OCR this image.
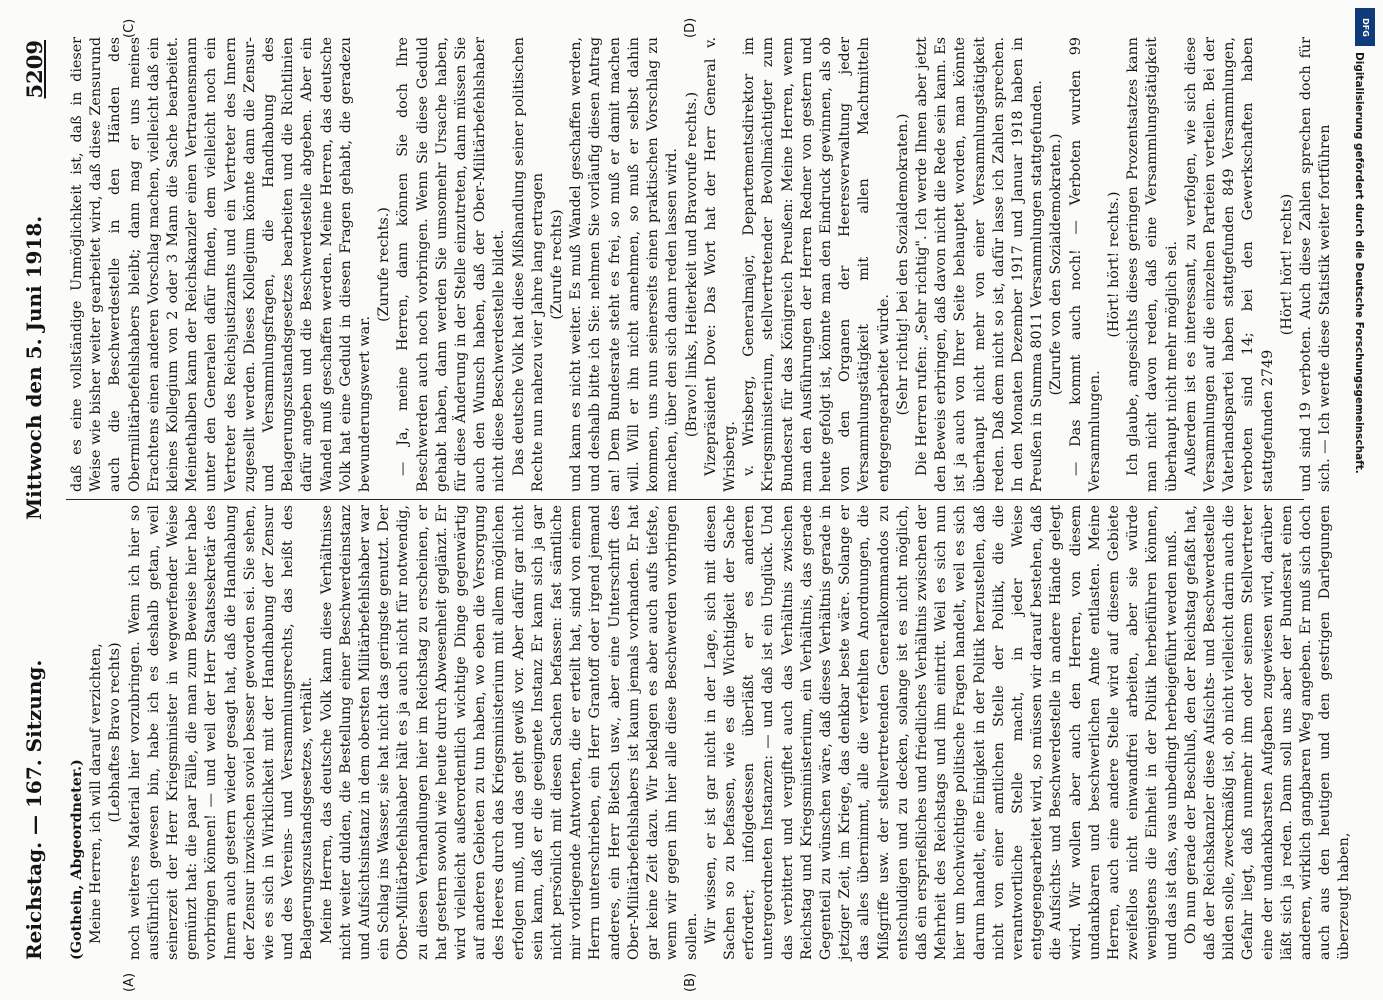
Reichstag. — 167. Sitzung.
Mittwoch den 5. Juni 1918.
5209
(A)	(B)
(C)	(D)

(Gothein, Abgeordneter.) Meine Herren, ich will darauf verzichten, (Lebhaftes Bravo rechts) noch weiteres Material hier vorzubringen. Wenn ich hier so ausführlich gewesen bin, habe ich es deshalb getan, weil seinerzeit der Herr Kriegsminister in wegwerfender Weise gemünzt hat: die paar Fälle, die man zum Beweise hier habe vorbringen können! — und weil der Herr Staatssekretär des Innern auch gestern wieder gesagt hat, daß die Handhabung der Zensur inzwischen soviel besser geworden sei. Sie sehen, wie es sich in Wirklichkeit mit der Handhabung der Zensur und des Vereins- und Versammlungsrechts, das heißt des Belagerungszustandsgesetzes, verhält. Meine Herren, das deutsche Volk kann diese Verhältnisse nicht weiter dulden, die Bestellung einer Beschwerdeinstanz und Aufsichtsinstanz in dem obersten Militärbefehlshaber war ein Schlag ins Wasser, sie hat nicht das geringste genutzt. Der Ober-Militärbefehlshaber hält es ja auch nicht für notwendig, zu diesen Verhandlungen hier im Reichstag zu erscheinen, er hat gestern sowohl wie heute durch Abwesenheit geglänzt. Er wird vielleicht außerordentlich wichtige Dinge gegenwärtig auf anderen Gebieten zu tun haben, wo eben die Versorgung des Heeres durch das Kriegsministerium mit allem möglichen erfolgen muß, und das geht gewiß vor. Aber dafür gar nicht sein kann, daß er die geeignete Instanz Er kann sich ja gar nicht persönlich mit diesen Sachen befassen: fast sämtliche mir vorliegende Antworten, die er erteilt hat, sind von einem Herrn unterschrieben, ein Herr Grantoff oder irgend jemand anderes, ein Herr Bietsch usw., aber eine Unterschrift des Ober-Militärbefehlshabers ist kaum jemals vorhanden. Er hat gar keine Zeit dazu. Wir beklagen es aber auch aufs tiefste, wenn wir gegen ihn hier alle diese Beschwerden vorbringen sollen. Wir wissen, er ist gar nicht in der Lage, sich mit diesen Sachen so zu befassen, wie es die Wichtigkeit der Sache erfordert; infolgedessen überläßt er es anderen untergeordneten Instanzen: — und daß ist ein Unglück. Und das verbittert und vergiftet auch das Verhältnis zwischen Reichstag und Kriegsministerium, ein Verhältnis, das gerade Gegenteil zu wünschen wäre, daß dieses Verhältnis gerade in jetziger Zeit, im Kriege, das denkbar beste wäre. Solange er das alles übernimmt, alle die verfehlten Anordnungen, die Mißgriffe usw. der stellvertretenden Generalkommandos zu entschuldigen und zu decken, solange ist es nicht möglich, daß ein ersprießliches und friedliches Verhältnis zwischen der Mehrheit des Reichstags und ihm eintritt. Weil es sich nun hier um hochwichtige politische Fragen handelt, weil es sich darum handelt, eine Einigkeit in der Politik herzustellen, daß nicht von einer amtlichen Stelle der Politik, die die verantwortliche Stelle macht, in jeder Weise entgegengearbeitet wird, so müssen wir darauf bestehen, daß die Aufsichts- und Beschwerdestelle in andere Hände gelegt wird. Wir wollen aber auch den Herren, von diesem undankbaren und beschwerlichen Amte entlasten. Meine Herren, auch eine andere Stelle wird auf diesem Gebiete zweifellos nicht einwandfrei arbeiten, aber sie würde wenigstens die Einheit in der Politik herbeiführen können, und das ist das, was unbedingt herbeigeführt werden muß. Ob nun gerade der Beschluß, den der Reichstag gefaßt hat, daß der Reichskanzler diese Aufsichts- und Beschwerdestelle bilden solle, zweckmäßig ist, ob nicht vielleicht darin auch die Gefahr liegt, daß nunmehr ihm oder seinem Stellvertreter eine der undankbarsten Aufgaben zugewiesen wird, darüber läßt sich ja reden. Dann soll uns aber der Bundesrat einen anderen, wirklich gangbaren Weg angeben. Er muß sich doch auch aus den heutigen und den gestrigen Darlegungen überzeugt haben,

daß es eine vollständige Unmöglichkeit ist, daß in dieser Weise wie bisher weiter gearbeitet wird, daß diese Zensurund auch die Beschwerdestelle in den Händen des Obermilitärbefehlshabers bleibt; dann mag er uns meines Erachtens einen anderen Vorschlag machen, vielleicht daß ein kleines Kollegium von 2 oder 3 Mann die Sache bearbeitet. Meinethalben kann der Reichskanzler einen Vertrauensmann unter den Generalen dafür finden, dem vielleicht noch ein Vertreter des Reichsjustizamts und ein Vertreter des Innern zugesellt werden. Dieses Kollegium könnte dann die Zensur- und Versammlungsfragen, die Handhabung des Belagerungszustandsgesetzes bearbeiten und die Richtlinien dafür angeben und die Beschwerdestelle abgeben. Aber ein Wandel muß geschaffen werden. Meine Herren, das deutsche Volk hat eine Geduld in diesen Fragen gehabt, die geradezu bewunderungswert war.

(Zurufe rechts.) — Ja, meine Herren, dann können Sie doch Ihre Beschwerden auch noch vorbringen. Wenn Sie diese Geduld gehabt haben, dann werden Sie umsomehr Ursache haben, für diese Änderung in der Stelle einzutreten, dann müssen Sie auch den Wunsch haben, daß der Ober-Militärbefehlshaber nicht diese Beschwerdestelle bildet. Das deutsche Volk hat diese Mißhandlung seiner politischen Rechte nun nahezu vier Jahre lang ertragen (Zurufe rechts) und kann es nicht weiter. Es muß Wandel geschaffen werden, und deshalb bitte ich Sie: nehmen Sie vorläufig diesen Antrag an! Dem Bundesrate steht es frei, so muß er damit machen will. Will er ihn nicht annehmen, so muß er selbst dahin kommen, uns nun seinerseits einen praktischen Vorschlag zu machen, über den sich dann reden lassen wird. (Bravo! links, Heiterkeit und Bravorufe rechts.) Vizepräsident Dove: Das Wort hat der Herr General v. Wrisberg. v. Wrisberg, Generalmajor, Departementsdirektor im Kriegsministerium, stellvertretender Bevollmächtigter zum Bundesrat für das Königreich Preußen: Meine Herren, wenn man den Ausführungen der Herren Redner von gestern und heute gefolgt ist, könnte man den Eindruck gewinnen, als ob von den Organen der Heeresverwaltung jeder Versammlungstätigkeit mit allen Machtmitteln entgegengearbeitet würde. (Sehr richtig! bei den Sozialdemokraten.) Die Herren rufen: „Sehr richtig". Ich werde Ihnen aber jetzt den Beweis erbringen, daß davon nicht die Rede sein kann. Es ist ja auch von Ihrer Seite behauptet worden, man könnte überhaupt nicht mehr von einer Versammlungstätigkeit reden. Daß dem nicht so ist, dafür lasse ich Zahlen sprechen. In den Monaten Dezember 1917 und Januar 1918 haben in Preußen in Summa 8011 Versammlungen stattgefunden. (Zurufe von den Sozialdemokraten.) — Das kommt auch noch! — Verboten wurden 99 Versammlungen.

(Hört! hört! rechts.) Ich glaube, angesichts dieses geringen Prozentsatzes kann man nicht davon reden, daß eine Versammlungstätigkeit überhaupt nicht mehr möglich sei. Außerdem ist es interessant, zu verfolgen, wie sich diese Versammlungen auf die einzelnen Parteien verteilen. Bei der Vaterlandspartei haben stattgefunden 849 Versammlungen, verboten sind 14; bei den Gewerkschaften haben stattgefunden 2749

(Hört! hört! rechts) und sind 19 verboten. Auch diese Zahlen sprechen doch für sich. — Ich werde diese Statistik weiter fortführen

DFG
Digitalisierung gefördert durch die Deutsche Forschungsgemeinschaft.
